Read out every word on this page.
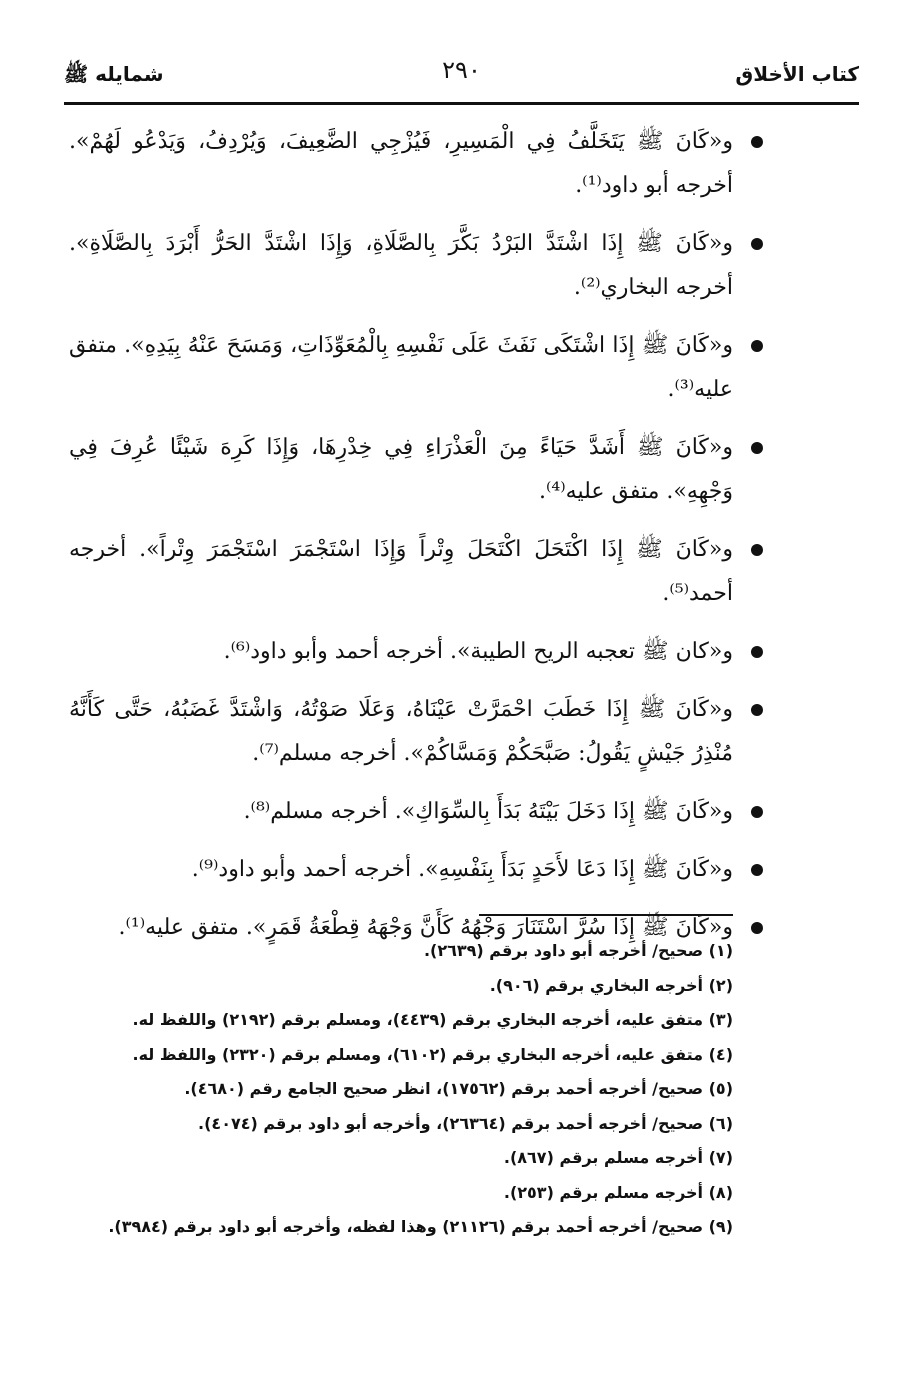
كتاب الأخلاق
٢٩٠
شمايله ﷺ
و«كَانَ ﷺ يَتَخَلَّفُ فِي الْمَسِيرِ، فَيُزْجِي الضَّعِيفَ، وَيُرْدِفُ، وَيَدْعُو لَهُمْ». أخرجه أبو داود⁽¹⁾.
و«كَانَ ﷺ إِذَا اشْتَدَّ البَرْدُ بَكَّرَ بِالصَّلَاةِ، وَإِذَا اشْتَدَّ الحَرُّ أَبْرَدَ بِالصَّلَاةِ». أخرجه البخاري⁽²⁾.
و«كَانَ ﷺ إِذَا اشْتَكَى نَفَثَ عَلَى نَفْسِهِ بِالْمُعَوِّذَاتِ، وَمَسَحَ عَنْهُ بِيَدِهِ». متفق عليه⁽³⁾.
و«كَانَ ﷺ أَشَدَّ حَيَاءً مِنَ الْعَذْرَاءِ فِي خِدْرِهَا، وَإِذَا كَرِهَ شَيْئًا عُرِفَ فِي وَجْهِهِ». متفق عليه⁽⁴⁾.
و«كَانَ ﷺ إِذَا اكْتَحَلَ اكْتَحَلَ وِتْراً وَإِذَا اسْتَجْمَرَ اسْتَجْمَرَ وِتْراً». أخرجه أحمد⁽⁵⁾.
و«كان ﷺ تعجبه الريح الطيبة». أخرجه أحمد وأبو داود⁽⁶⁾.
و«كَانَ ﷺ إِذَا خَطَبَ احْمَرَّتْ عَيْنَاهُ، وَعَلَا صَوْتُهُ، وَاشْتَدَّ غَضَبُهُ، حَتَّى كَأَنَّهُ مُنْذِرُ جَيْشٍ يَقُولُ: صَبَّحَكُمْ وَمَسَّاكُمْ». أخرجه مسلم⁽⁷⁾.
و«كَانَ ﷺ إِذَا دَخَلَ بَيْتَهُ بَدَأَ بِالسِّوَاكِ». أخرجه مسلم⁽⁸⁾.
و«كَانَ ﷺ إِذَا دَعَا لأَحَدٍ بَدَأَ بِنَفْسِهِ». أخرجه أحمد وأبو داود⁽⁹⁾.
و«كَانَ ﷺ إِذَا سُرَّ اسْتَنَارَ وَجْهُهُ كَأَنَّ وَجْهَهُ قِطْعَةُ قَمَرٍ». متفق عليه⁽¹⁾.
(١) صحيح/ أخرجه أبو داود برقم (٢٦٣٩).
(٢) أخرجه البخاري برقم (٩٠٦).
(٣) متفق عليه، أخرجه البخاري برقم (٤٤٣٩)، ومسلم برقم (٢١٩٢) واللفظ له.
(٤) متفق عليه، أخرجه البخاري برقم (٦١٠٢)، ومسلم برقم (٢٣٢٠) واللفظ له.
(٥) صحيح/ أخرجه أحمد برقم (١٧٥٦٢)، انظر صحيح الجامع رقم (٤٦٨٠).
(٦) صحيح/ أخرجه أحمد برقم (٢٦٣٦٤)، وأخرجه أبو داود برقم (٤٠٧٤).
(٧) أخرجه مسلم برقم (٨٦٧).
(٨) أخرجه مسلم برقم (٢٥٣).
(٩) صحيح/ أخرجه أحمد برقم (٢١١٢٦) وهذا لفظه، وأخرجه أبو داود برقم (٣٩٨٤).
